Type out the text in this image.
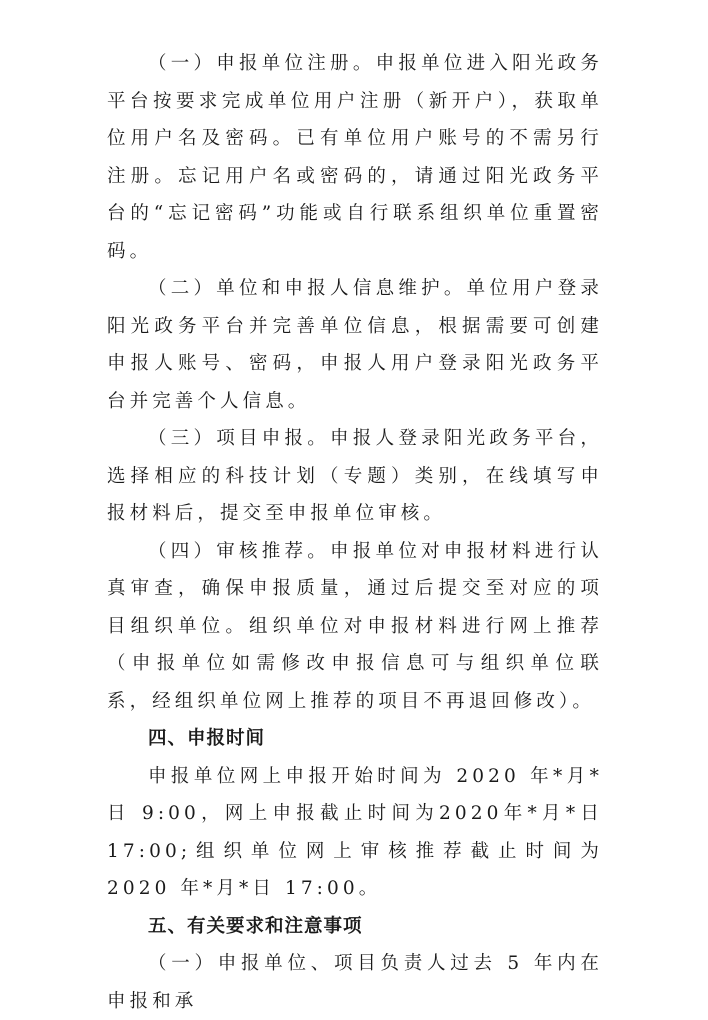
（一）申报单位注册。申报单位进入阳光政务平台按要求完成单位用户注册（新开户），获取单位用户名及密码。已有单位用户账号的不需另行注册。忘记用户名或密码的，请通过阳光政务平台的“忘记密码”功能或自行联系组织单位重置密码。

（二）单位和申报人信息维护。单位用户登录阳光政务平台并完善单位信息，根据需要可创建申报人账号、密码，申报人用户登录阳光政务平台并完善个人信息。

（三）项目申报。申报人登录阳光政务平台，选择相应的科技计划（专题）类别，在线填写申报材料后，提交至申报单位审核。

（四）审核推荐。申报单位对申报材料进行认真审查，确保申报质量，通过后提交至对应的项目组织单位。组织单位对申报材料进行网上推荐（申报单位如需修改申报信息可与组织单位联系，经组织单位网上推荐的项目不再退回修改）。

四、申报时间

申报单位网上申报开始时间为 2020 年*月*日 9:00，网上申报截止时间为2020年*月*日 17:00;组织单位网上审核推荐截止时间为 2020 年*月*日 17:00。

五、有关要求和注意事项

（一）申报单位、项目负责人过去 5 年内在申报和承
